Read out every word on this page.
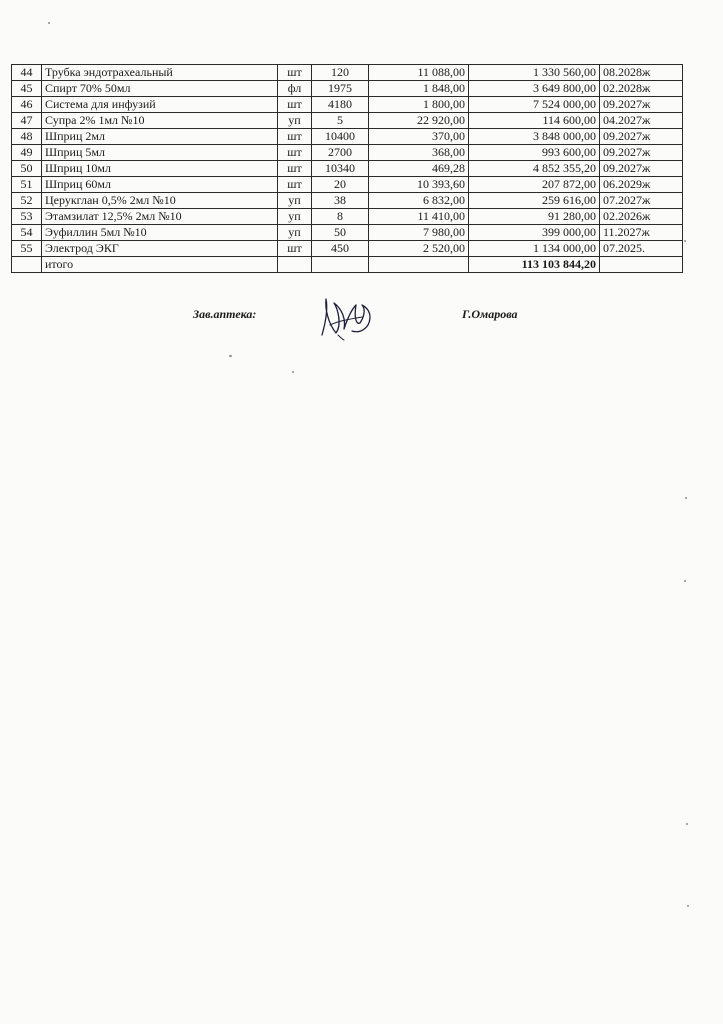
44	Трубка эндотрахеальный	шт	120	11 088,00	1 330 560,00	08.2028ж
45	Спирт 70% 50мл	фл	1975	1 848,00	3 649 800,00	02.2028ж
46	Система для инфузий	шт	4180	1 800,00	7 524 000,00	09.2027ж
47	Супра 2% 1мл №10	уп	5	22 920,00	114 600,00	04.2027ж
48	Шприц 2мл	шт	10400	370,00	3 848 000,00	09.2027ж
49	Шприц 5мл	шт	2700	368,00	993 600,00	09.2027ж
50	Шприц 10мл	шт	10340	469,28	4 852 355,20	09.2027ж
51	Шприц 60мл	шт	20	10 393,60	207 872,00	06.2029ж
52	Церукглан 0,5% 2мл №10	уп	38	6 832,00	259 616,00	07.2027ж
53	Этамзилат 12,5% 2мл №10	уп	8	11 410,00	91 280,00	02.2026ж
54	Эуфиллин 5мл №10	уп	50	7 980,00	399 000,00	11.2027ж
55	Электрод ЭКГ	шт	450	2 520,00	1 134 000,00	07.2025.
	итого				113 103 844,20	
Зав.аптека:	Г.Омарова
